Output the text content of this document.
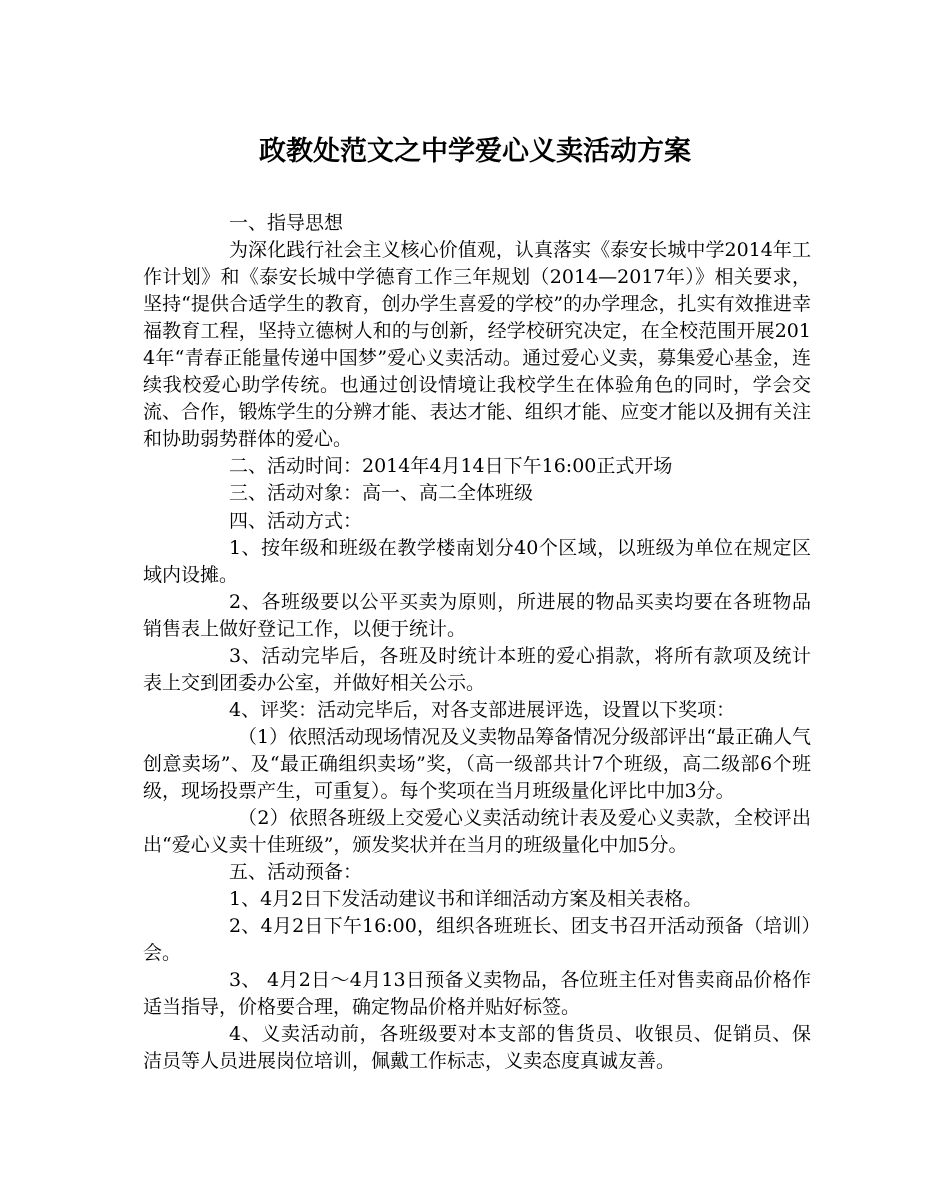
政教处范文之中学爱心义卖活动方案

一、指导思想

为深化践行社会主义核心价值观，认真落实《泰安长城中学2014年工作计划》和《泰安长城中学德育工作三年规划（2014—2017年）》相关要求，坚持“提供合适学生的教育，创办学生喜爱的学校”的办学理念，扎实有效推进幸福教育工程，坚持立德树人和的与创新，经学校研究决定，在全校范围开展2014年“青春正能量传递中国梦”爱心义卖活动。通过爱心义卖，募集爱心基金，连续我校爱心助学传统。也通过创设情境让我校学生在体验角色的同时，学会交流、合作，锻炼学生的分辨才能、表达才能、组织才能、应变才能以及拥有关注和协助弱势群体的爱心。

二、活动时间：2014年4月14日下午16:00正式开场

三、活动对象：高一、高二全体班级

四、活动方式：

1、按年级和班级在教学楼南划分40个区域，以班级为单位在规定区域内设摊。

2、各班级要以公平买卖为原则，所进展的物品买卖均要在各班物品销售表上做好登记工作，以便于统计。

3、活动完毕后，各班及时统计本班的爱心捐款，将所有款项及统计表上交到团委办公室，并做好相关公示。

4、评奖：活动完毕后，对各支部进展评选，设置以下奖项：

（1）依照活动现场情况及义卖物品筹备情况分级部评出“最正确人气创意卖场”、及“最正确组织卖场”奖，（高一级部共计7个班级，高二级部6个班级，现场投票产生，可重复）。每个奖项在当月班级量化评比中加3分。

（2）依照各班级上交爱心义卖活动统计表及爱心义卖款，全校评出出“爱心义卖十佳班级”，颁发奖状并在当月的班级量化中加5分。

五、活动预备：

1、4月2日下发活动建议书和详细活动方案及相关表格。

2、4月2日下午16:00，组织各班班长、团支书召开活动预备（培训）会。

3、 4月2日～4月13日预备义卖物品，各位班主任对售卖商品价格作适当指导，价格要合理，确定物品价格并贴好标签。

4、义卖活动前，各班级要对本支部的售货员、收银员、促销员、保洁员等人员进展岗位培训，佩戴工作标志，义卖态度真诚友善。
